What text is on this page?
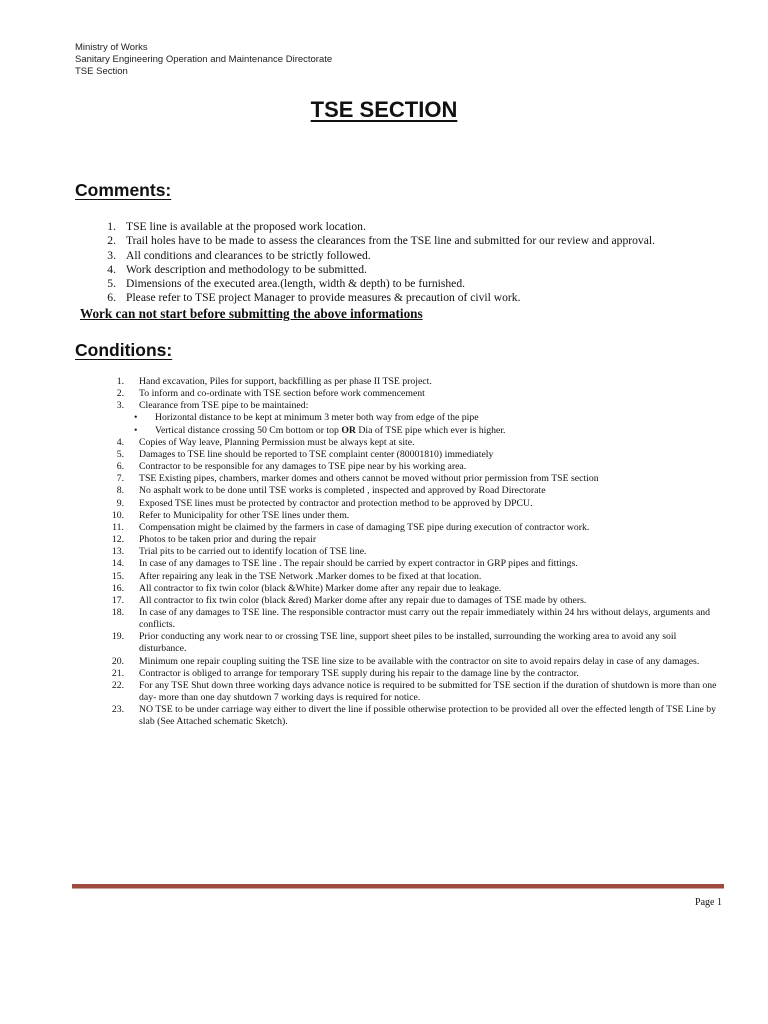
Ministry of Works
Sanitary Engineering Operation and Maintenance Directorate
TSE Section
TSE SECTION
Comments:
1. TSE line is available at the proposed work location.
2. Trail holes have to be made to assess the clearances from the TSE line and submitted for our review and approval.
3. All conditions and clearances to be strictly followed.
4. Work description and methodology to be submitted.
5. Dimensions of the executed area.(length, width & depth) to be furnished.
6. Please refer to TSE project Manager to provide measures & precaution of civil work.
Work can not start before submitting the above informations
Conditions:
1. Hand excavation, Piles for support, backfilling as per phase II TSE project.
2. To inform and co-ordinate with TSE section before work commencement
3. Clearance from TSE pipe to be maintained:
• Horizontal distance to be kept at minimum 3 meter both way from edge of the pipe
• Vertical distance crossing 50 Cm bottom or top OR Dia of TSE pipe which ever is higher.
4. Copies of Way leave, Planning Permission must be always kept at site.
5. Damages to TSE line should be reported to TSE complaint center (80001810) immediately
6. Contractor to be responsible for any damages to TSE pipe near by his working area.
7. TSE Existing pipes, chambers, marker domes and others cannot be moved without prior permission from TSE section
8. No asphalt work to be done until TSE works is completed , inspected and approved by Road Directorate
9. Exposed TSE lines must be protected by contractor and protection method to be approved by DPCU.
10. Refer to Municipality for other TSE lines under them.
11. Compensation might be claimed by the farmers in case of damaging TSE pipe during execution of contractor work.
12. Photos to be taken prior and during the repair
13. Trial pits to be carried out to identify location of TSE line.
14. In case of any damages to TSE line . The repair should be carried by expert contractor in GRP pipes and fittings.
15. After repairing any leak in the TSE Network .Marker domes to be fixed at that location.
16. All contractor to fix twin color (black &White) Marker dome after any repair due to leakage.
17. All contractor to fix twin color (black &red) Marker dome after any repair due to damages of TSE made by others.
18. In case of any damages to TSE line. The responsible contractor must carry out the repair immediately within 24 hrs without delays, arguments and conflicts.
19. Prior conducting any work near to or crossing TSE line, support sheet piles to be installed, surrounding the working area to avoid any soil disturbance.
20. Minimum one repair coupling suiting the TSE line size to be available with the contractor on site to avoid repairs delay in case of any damages.
21. Contractor is obliged to arrange for temporary TSE supply during his repair to the damage line by the contractor.
22. For any TSE Shut down three working days advance notice is required to be submitted for TSE section if the duration of shutdown is more than one day- more than one day shutdown 7 working days is required for notice.
23. NO TSE to be under carriage way either to divert the line if possible otherwise protection to be provided all over the effected length of TSE Line by slab (See Attached schematic Sketch).
Page 1
